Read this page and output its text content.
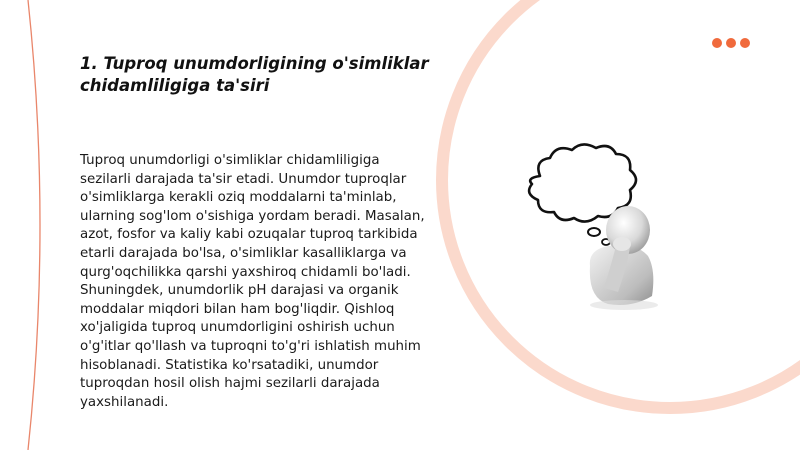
1. Tuproq unumdorligining o'simliklar chidamliligiga ta'siri

Tuproq unumdorligi o'simliklar chidamliligiga sezilarli darajada ta'sir etadi. Unumdor tuproqlar o'simliklarga kerakli oziq moddalarni ta'minlab, ularning sog'lom o'sishiga yordam beradi. Masalan, azot, fosfor va kaliy kabi ozuqalar tuproq tarkibida etarli darajada bo'lsa, o'simliklar kasalliklarga va qurg'oqchilikka qarshi yaxshiroq chidamli bo'ladi. Shuningdek, unumdorlik pH darajasi va organik moddalar miqdori bilan ham bog'liqdir. Qishloq xo'jaligida tuproq unumdorligini oshirish uchun o'g'itlar qo'llash va tuproqni to'g'ri ishlatish muhim hisoblanadi. Statistika ko'rsatadiki, unumdor tuproqdan hosil olish hajmi sezilarli darajada yaxshilanadi.
